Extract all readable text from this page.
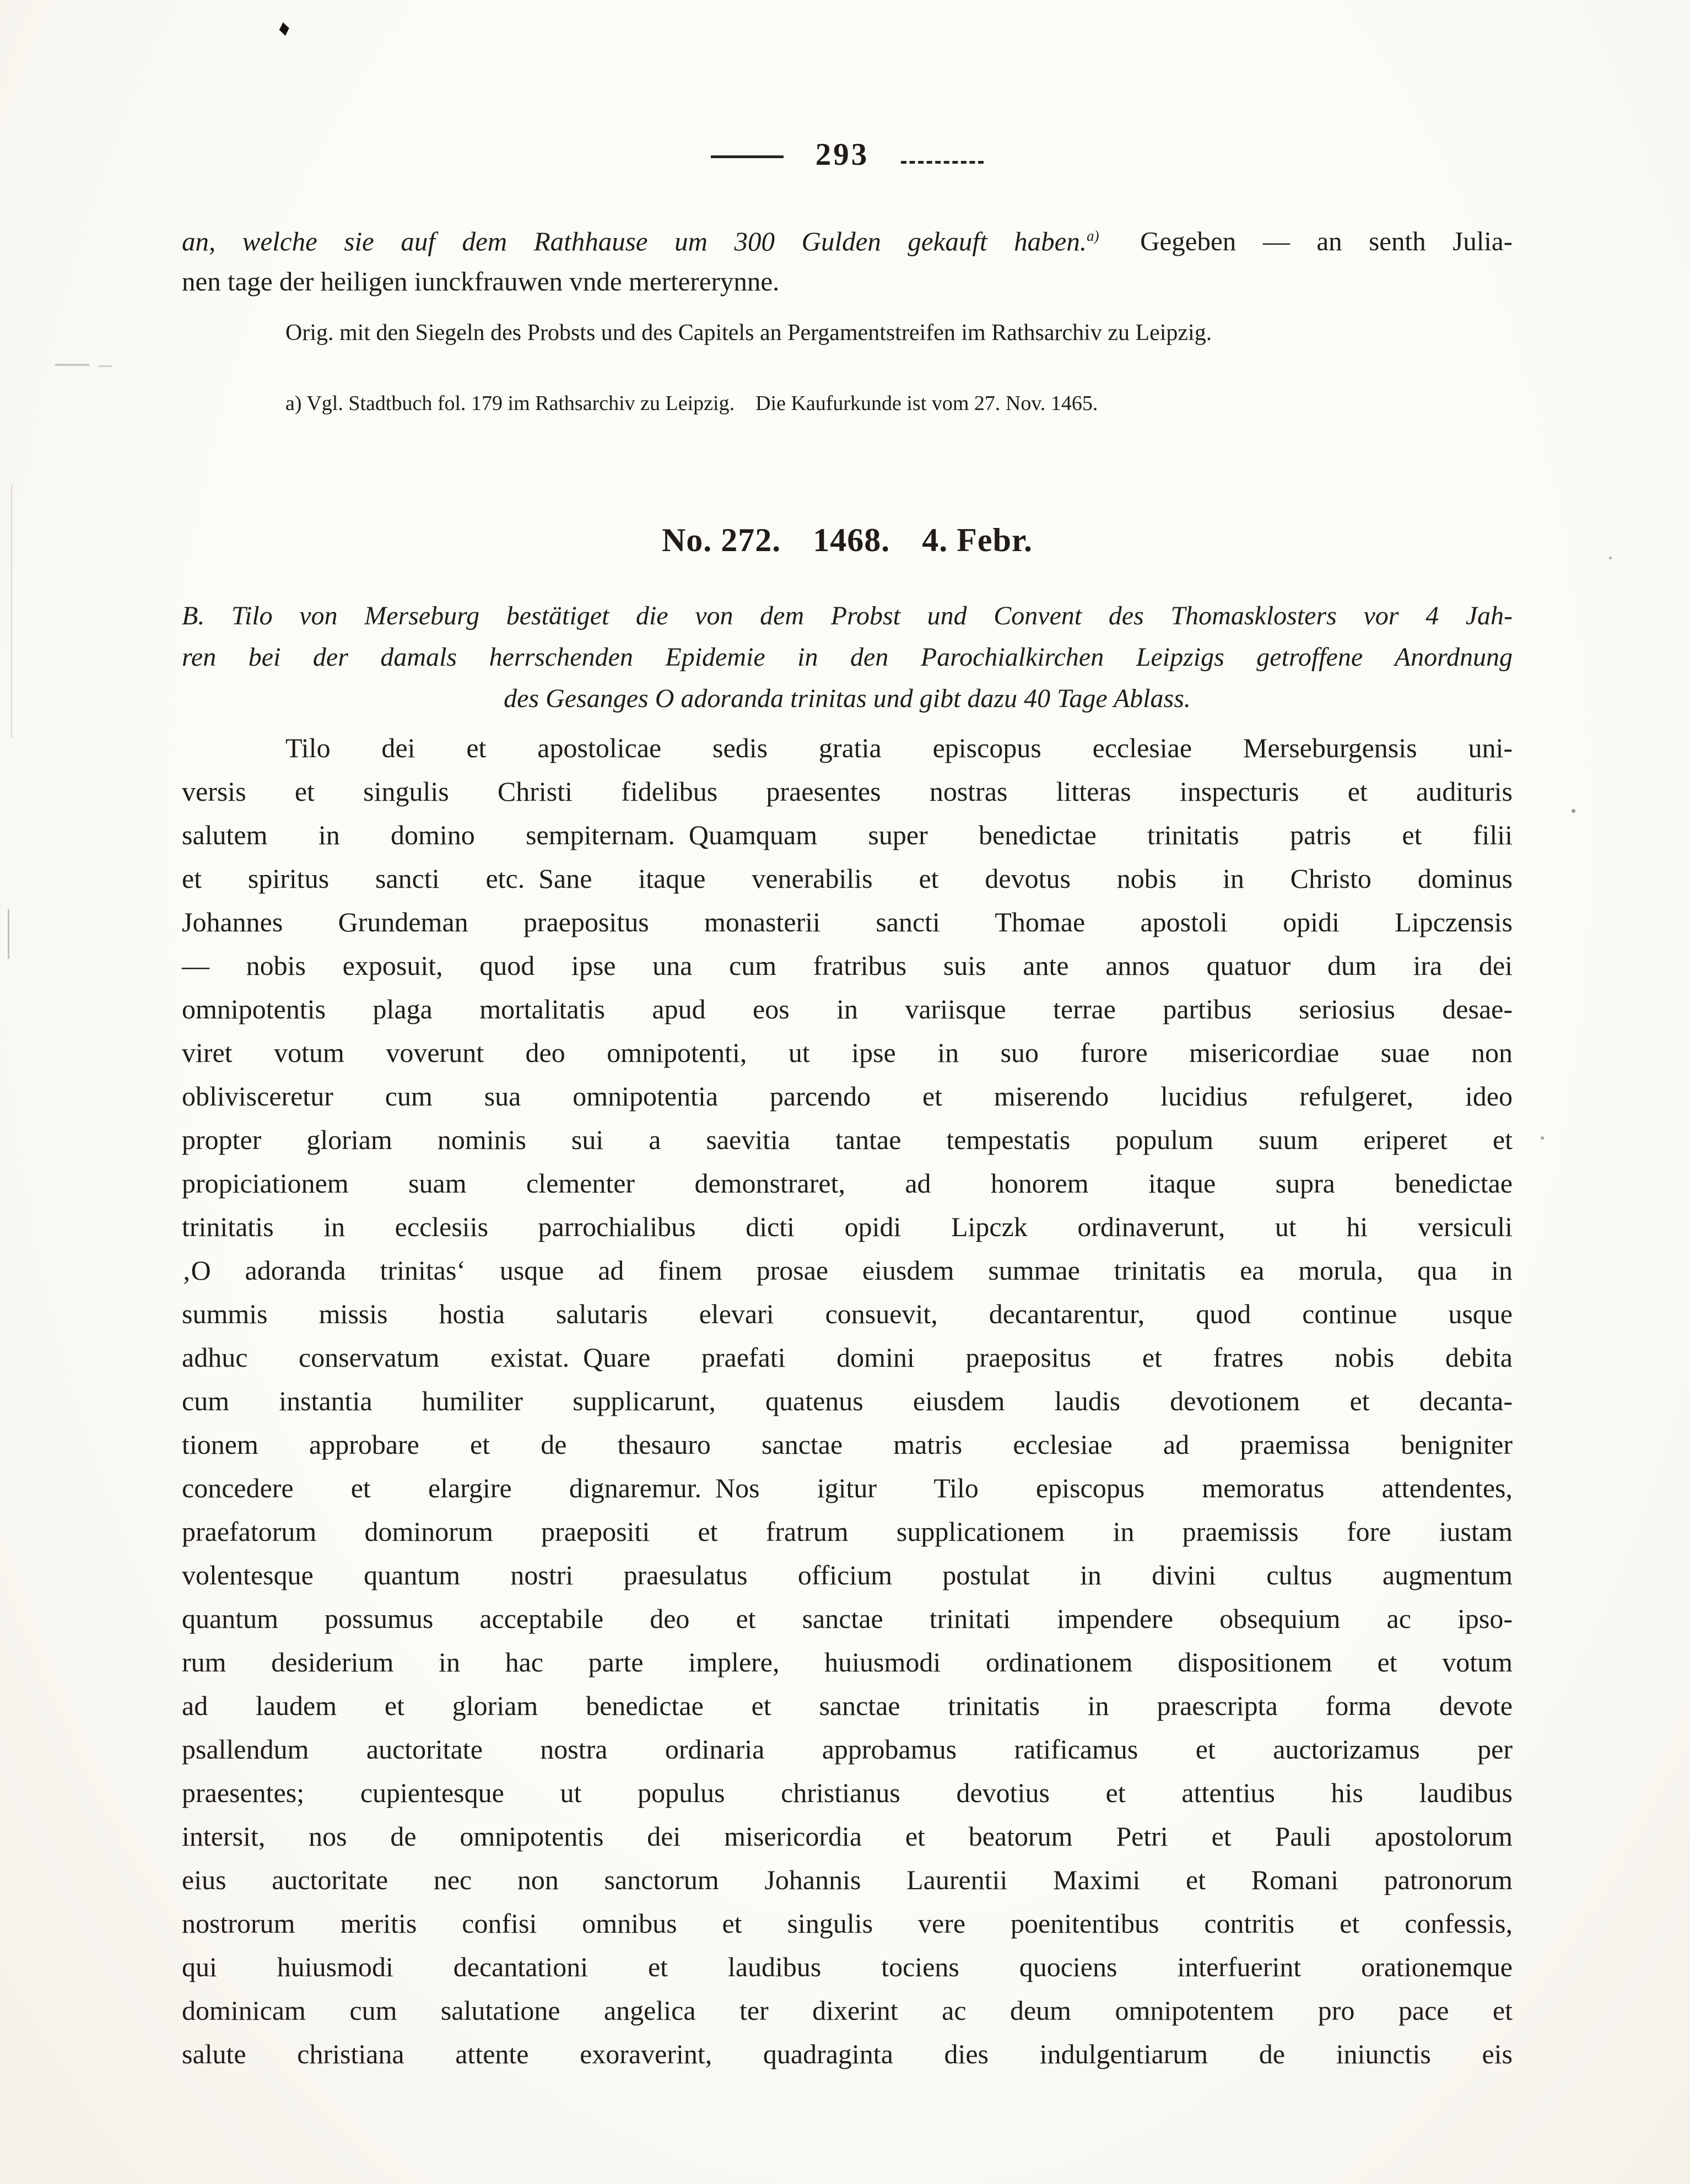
♦
293
an, welche sie auf dem Rathhause um 300 Gulden gekauft haben.$^{a)}$ Gegeben — an senth Julia-
nen tage der heiligen iunckfrauwen vnde mertererynne.
Orig. mit den Siegeln des Probsts und des Capitels an Pergamentstreifen im Rathsarchiv zu Leipzig.
a) Vgl. Stadtbuch fol. 179 im Rathsarchiv zu Leipzig. Die Kaufurkunde ist vom 27. Nov. 1465.
No. 272. 1468. 4. Febr.
B. Tilo von Merseburg bestätiget die von dem Probst und Convent des Thomasklosters vor 4 Jah-
ren bei der damals herrschenden Epidemie in den Parochialkirchen Leipzigs getroffene Anordnung
des Gesanges O adoranda trinitas und gibt dazu 40 Tage Ablass.
Tilo dei et apostolicae sedis gratia episcopus ecclesiae Merseburgensis uni-
versis et singulis Christi fidelibus praesentes nostras litteras inspecturis et audituris
salutem in domino sempiternam. Quamquam super benedictae trinitatis patris et filii
et spiritus sancti etc. Sane itaque venerabilis et devotus nobis in Christo dominus
Johannes Grundeman praepositus monasterii sancti Thomae apostoli opidi Lipczensis
— nobis exposuit, quod ipse una cum fratribus suis ante annos quatuor dum ira dei
omnipotentis plaga mortalitatis apud eos in variisque terrae partibus seriosius desae-
viret votum voverunt deo omnipotenti, ut ipse in suo furore misericordiae suae non
oblivisceretur cum sua omnipotentia parcendo et miserendo lucidius refulgeret, ideo
propter gloriam nominis sui a saevitia tantae tempestatis populum suum eriperet et
propiciationem suam clementer demonstraret, ad honorem itaque supra benedictae
trinitatis in ecclesiis parrochialibus dicti opidi Lipczk ordinaverunt, ut hi versiculi
‚O adoranda trinitas‘ usque ad finem prosae eiusdem summae trinitatis ea morula, qua in
summis missis hostia salutaris elevari consuevit, decantarentur, quod continue usque
adhuc conservatum existat. Quare praefati domini praepositus et fratres nobis debita
cum instantia humiliter supplicarunt, quatenus eiusdem laudis devotionem et decanta-
tionem approbare et de thesauro sanctae matris ecclesiae ad praemissa benigniter
concedere et elargire dignaremur. Nos igitur Tilo episcopus memoratus attendentes,
praefatorum dominorum praepositi et fratrum supplicationem in praemissis fore iustam
volentesque quantum nostri praesulatus officium postulat in divini cultus augmentum
quantum possumus acceptabile deo et sanctae trinitati impendere obsequium ac ipso-
rum desiderium in hac parte implere, huiusmodi ordinationem dispositionem et votum
ad laudem et gloriam benedictae et sanctae trinitatis in praescripta forma devote
psallendum auctoritate nostra ordinaria approbamus ratificamus et auctorizamus per
praesentes; cupientesque ut populus christianus devotius et attentius his laudibus
intersit, nos de omnipotentis dei misericordia et beatorum Petri et Pauli apostolorum
eius auctoritate nec non sanctorum Johannis Laurentii Maximi et Romani patronorum
nostrorum meritis confisi omnibus et singulis vere poenitentibus contritis et confessis,
qui huiusmodi decantationi et laudibus tociens quociens interfuerint orationemque
dominicam cum salutatione angelica ter dixerint ac deum omnipotentem pro pace et
salute christiana attente exoraverint, quadraginta dies indulgentiarum de iniunctis eis
